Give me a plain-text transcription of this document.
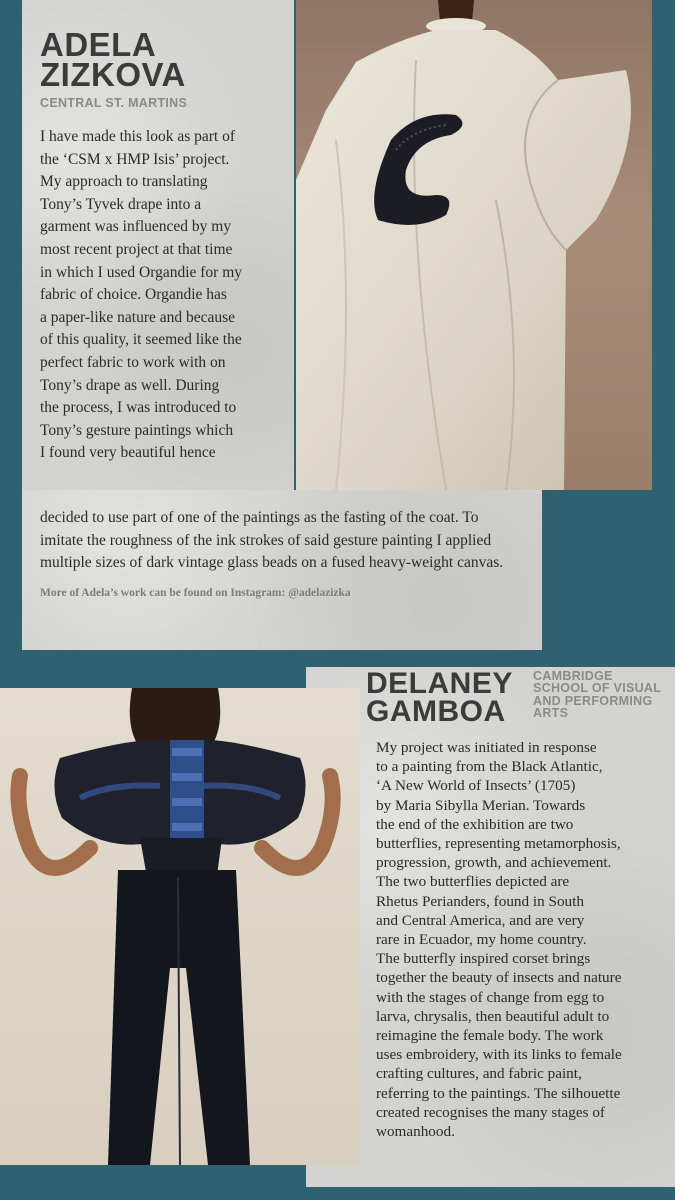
ADELA
ZIZKOVA
CENTRAL ST. MARTINS
I have made this look as part of
the ‘CSM x HMP Isis’ project.
My approach to translating
Tony’s Tyvek drape into a
garment was influenced by my
most recent project at that time
in which I used Organdie for my
fabric of choice. Organdie has
a paper-like nature and because
of this quality, it seemed like the
perfect fabric to work with on
Tony’s drape as well. During
the process, I was introduced to
Tony’s gesture paintings which
I found very beautiful hence
decided to use part of one of the paintings as the fasting of the coat. To
imitate the roughness of the ink strokes of said gesture painting I applied
multiple sizes of dark vintage glass beads on a fused heavy-weight canvas.
More of Adela’s work can be found on Instagram: @adelazizka
DELANEY
GAMBOA
CAMBRIDGE
SCHOOL OF VISUAL
AND PERFORMING
ARTS
My project was initiated in response
to a painting from the Black Atlantic,
‘A New World of Insects’ (1705)
by Maria Sibylla Merian. Towards
the end of the exhibition are two
butterflies, representing metamorphosis,
progression, growth, and achievement.
The two butterflies depicted are
Rhetus Perianders, found in South
and Central America, and are very
rare in Ecuador, my home country.
The butterfly inspired corset brings
together the beauty of insects and nature
with the stages of change from egg to
larva, chrysalis, then beautiful adult to
reimagine the female body. The work
uses embroidery, with its links to female
crafting cultures, and fabric paint,
referring to the paintings. The silhouette
created recognises the many stages of
womanhood.
